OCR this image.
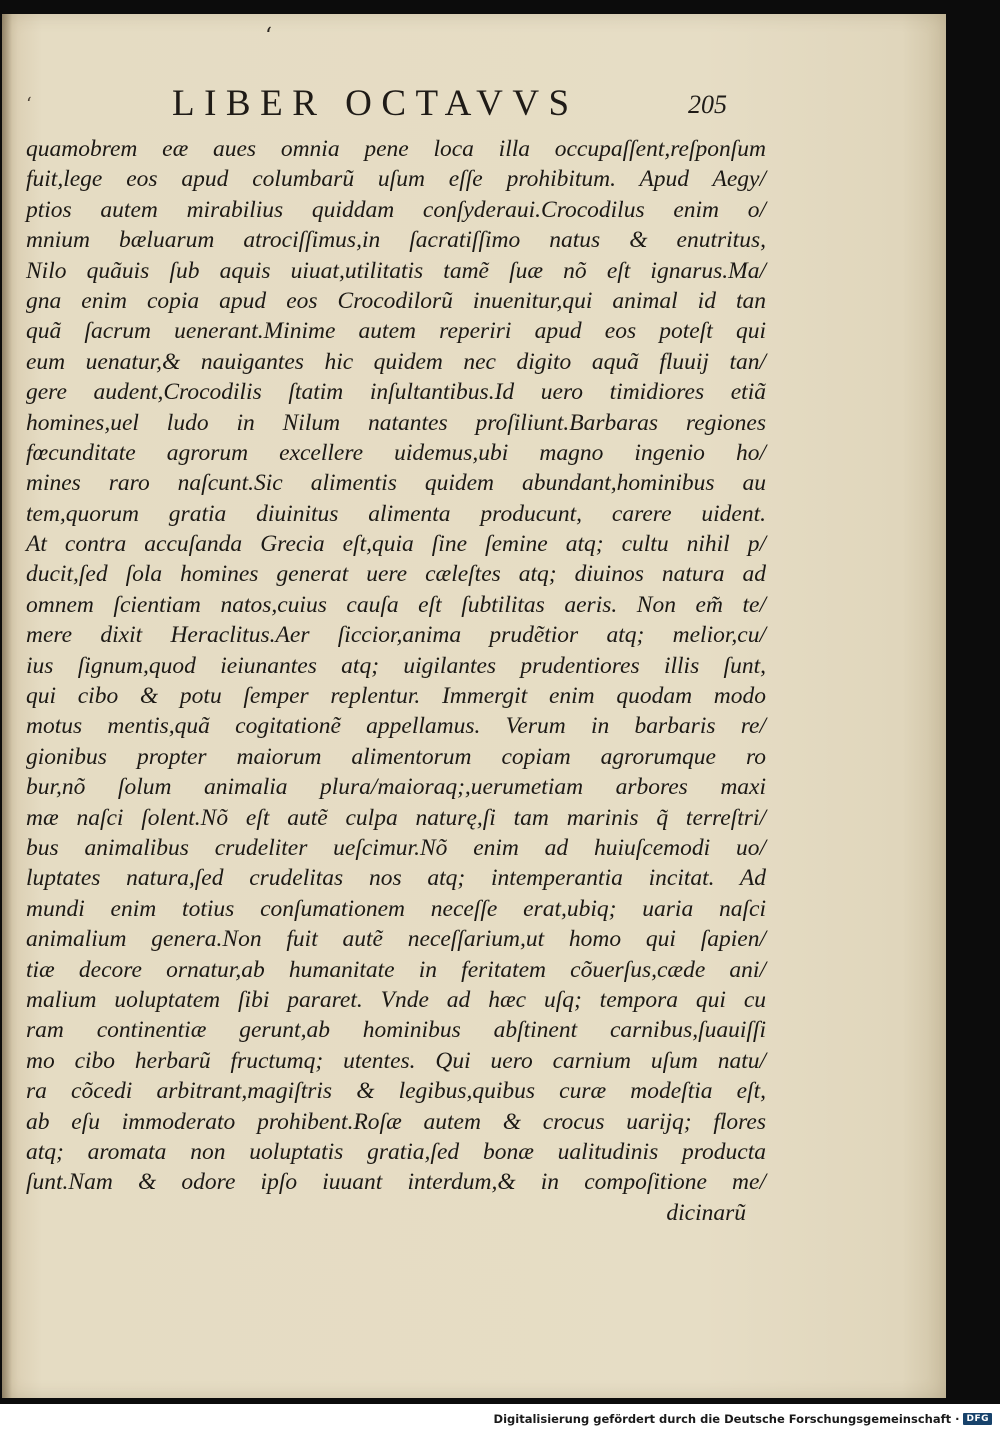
‘
‘	LIBER OCTAVVS	205
quamobrem eæ aues omnia pene loca illa occupaſſent,reſponſum
fuit,lege eos apud columbarũ uſum eſſe prohibitum. Apud Aegy/
ptios autem mirabilius quiddam conſyderaui.Crocodilus enim o/
mnium bæluarum atrociſſimus,in ſacratiſſimo natus & enutritus,
Nilo quãuis ſub aquis uiuat,utilitatis tamẽ ſuæ nõ eſt ignarus.Ma/
gna enim copia apud eos Crocodilorũ inuenitur,qui animal id tan
quã ſacrum uenerant.Minime autem reperiri apud eos poteſt qui
eum uenatur,& nauigantes hic quidem nec digito aquã fluuij tan/
gere audent,Crocodilis ſtatim inſultantibus.Id uero timidiores etiã
homines,uel ludo in Nilum natantes proſiliunt.Barbaras regiones
fœcunditate agrorum excellere uidemus,ubi magno ingenio ho/
mines raro naſcunt.Sic alimentis quidem abundant,hominibus au
tem,quorum gratia diuinitus alimenta producunt, carere uident.
At contra accuſanda Grecia eſt,quia ſine ſemine atq; cultu nihil p/
ducit,ſed ſola homines generat uere cæleſtes atq; diuinos natura ad
omnem ſcientiam natos,cuius cauſa eſt ſubtilitas aeris. Non em̃ te/
mere dixit Heraclitus.Aer ſiccior,anima prudẽtior atq; melior,cu/
ius ſignum,quod ieiunantes atq; uigilantes prudentiores illis ſunt,
qui cibo & potu ſemper replentur. Immergit enim quodam modo
motus mentis,quã cogitationẽ appellamus. Verum in barbaris re/
gionibus propter maiorum alimentorum copiam agrorumque ro
bur,nõ ſolum animalia plura/maioraq;,uerumetiam arbores maxi
mæ naſci ſolent.Nõ eſt autẽ culpa naturę,ſi tam marinis q̃ terreſtri/
bus animalibus crudeliter ueſcimur.Nõ enim ad huiuſcemodi uo/
luptates natura,ſed crudelitas nos atq; intemperantia incitat. Ad
mundi enim totius conſumationem neceſſe erat,ubiq; uaria naſci
animalium genera.Non fuit autẽ neceſſarium,ut homo qui ſapien/
tiæ decore ornatur,ab humanitate in feritatem cõuerſus,cæde ani/
malium uoluptatem ſibi pararet. Vnde ad hæc uſq; tempora qui cu
ram continentiæ gerunt,ab hominibus abſtinent carnibus,ſuauiſſi
mo cibo herbarũ fructumq; utentes. Qui uero carnium uſum natu/
ra cõcedi arbitrant,magiſtris & legibus,quibus curæ modeſtia eſt,
ab eſu immoderato prohibent.Roſæ autem & crocus uarijq; flores
atq; aromata non uoluptatis gratia,ſed bonæ ualitudinis producta
ſunt.Nam & odore ipſo iuuant interdum,& in compoſitione me/
dicinarũ
Digitalisierung gefördert durch die Deutsche Forschungsgemeinschaft · DFG
